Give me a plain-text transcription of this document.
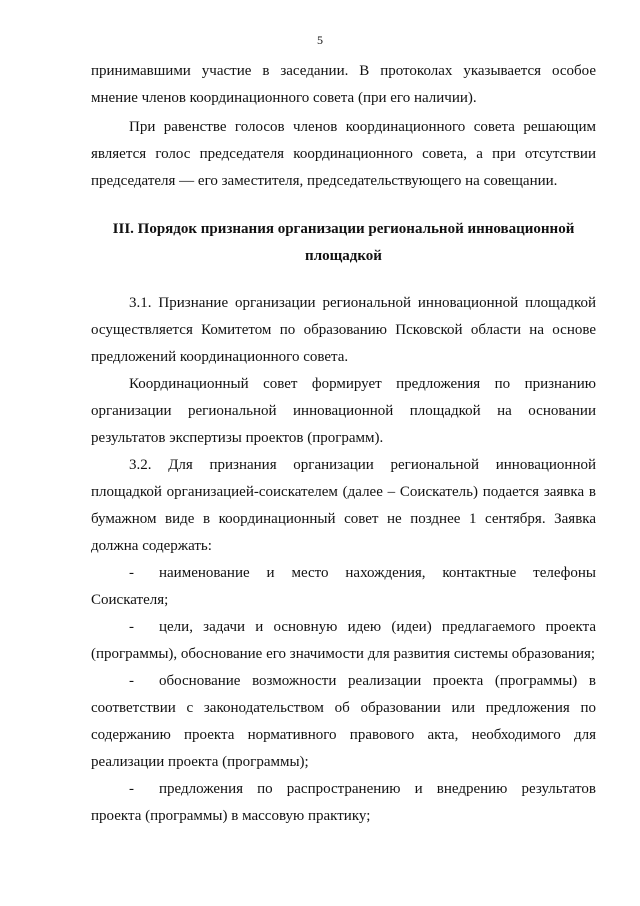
5

принимавшими участие в заседании. В протоколах указывается особое мнение членов координационного совета (при его наличии).

При равенстве голосов членов координационного совета решающим является голос председателя координационного совета, а при отсутствии председателя — его заместителя, председательствующего на совещании.

III. Порядок признания организации региональной инновационной площадкой

3.1. Признание организации региональной инновационной площадкой осуществляется Комитетом по образованию Псковской области на основе предложений координационного совета.

Координационный совет формирует предложения по признанию организации региональной инновационной площадкой на основании результатов экспертизы проектов (программ).

3.2. Для признания организации региональной инновационной площадкой организацией-соискателем (далее – Соискатель) подается заявка в бумажном виде в координационный совет не позднее 1 сентября. Заявка должна содержать:

- наименование и место нахождения, контактные телефоны Соискателя;

- цели, задачи и основную идею (идеи) предлагаемого проекта (программы), обоснование его значимости для развития системы образования;

- обоснование возможности реализации проекта (программы) в соответствии с законодательством об образовании или предложения по содержанию проекта нормативного правового акта, необходимого для реализации проекта (программы);

- предложения по распространению и внедрению результатов проекта (программы) в массовую практику;
